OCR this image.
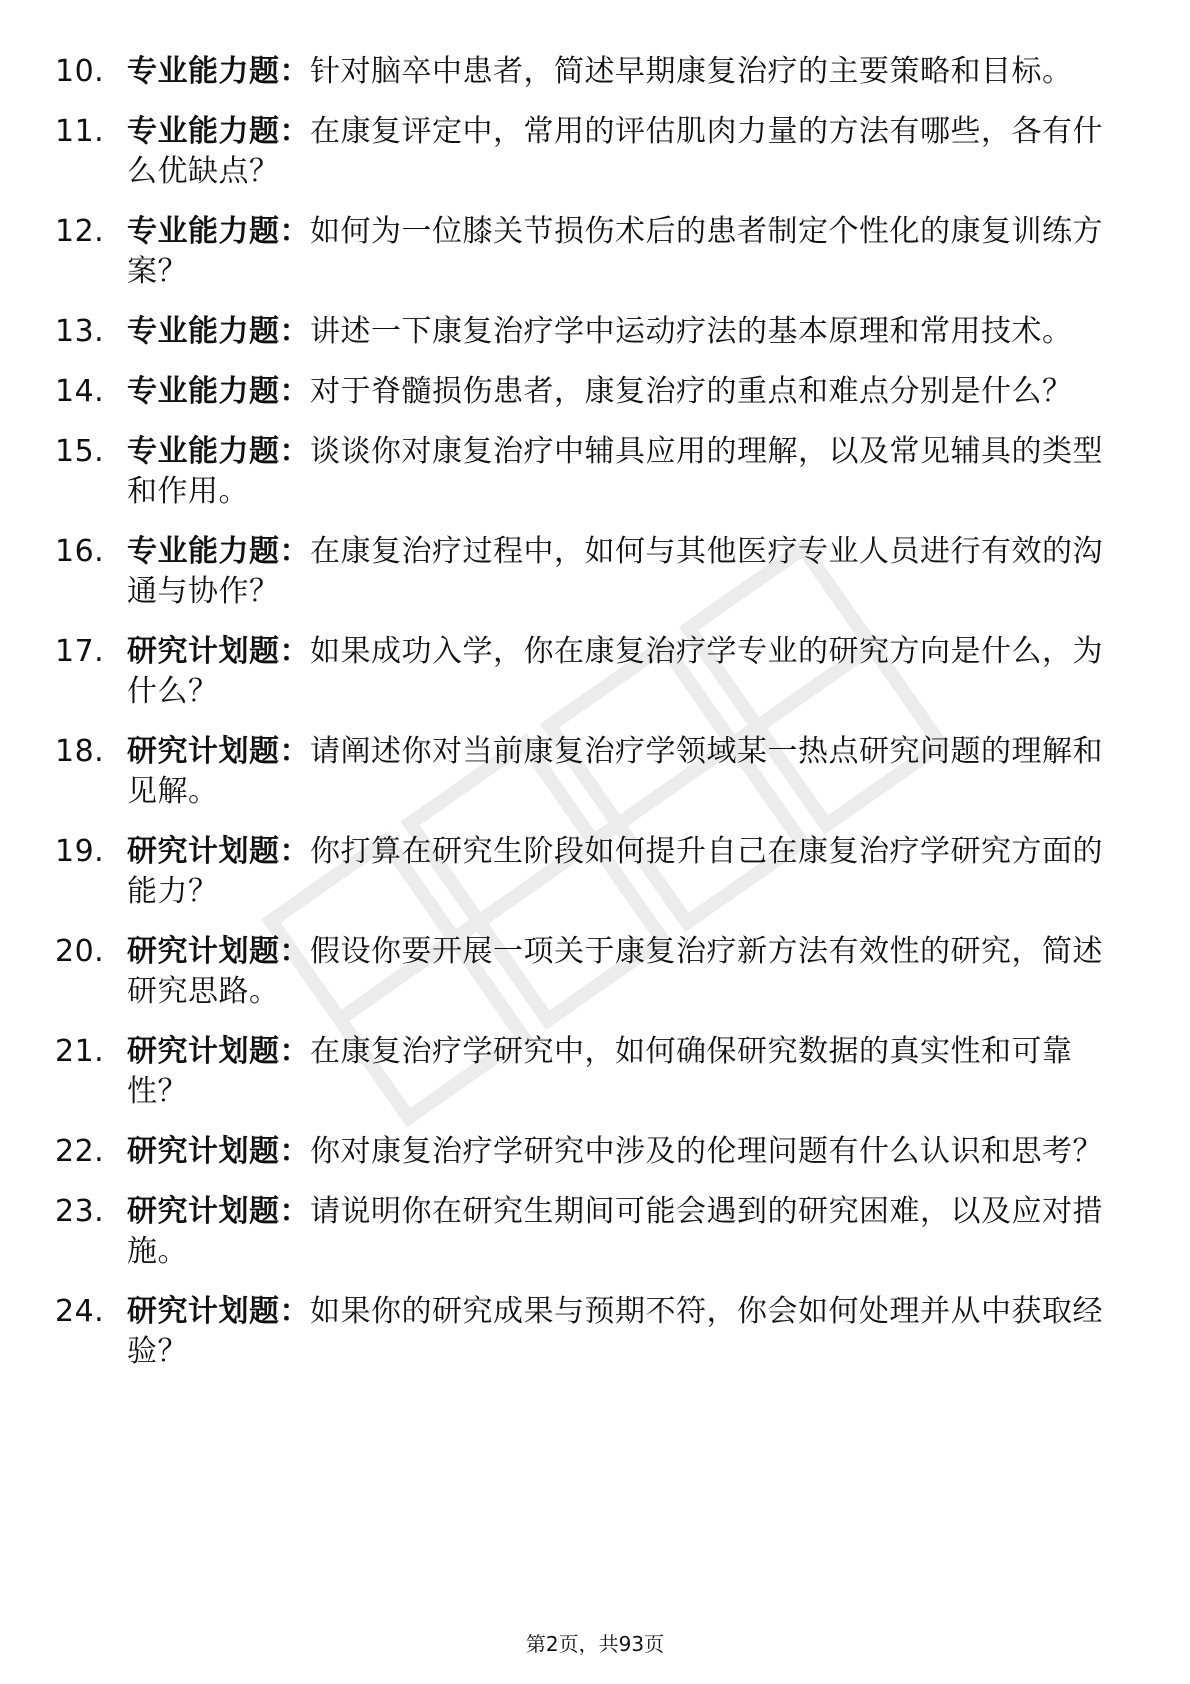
10. 专业能力题：针对脑卒中患者，简述早期康复治疗的主要策略和目标。
11. 专业能力题：在康复评定中，常用的评估肌肉力量的方法有哪些，各有什么优缺点？
12. 专业能力题：如何为一位膝关节损伤术后的患者制定个性化的康复训练方案？
13. 专业能力题：讲述一下康复治疗学中运动疗法的基本原理和常用技术。
14. 专业能力题：对于脊髓损伤患者，康复治疗的重点和难点分别是什么？
15. 专业能力题：谈谈你对康复治疗中辅具应用的理解，以及常见辅具的类型和作用。
16. 专业能力题：在康复治疗过程中，如何与其他医疗专业人员进行有效的沟通与协作？
17. 研究计划题：如果成功入学，你在康复治疗学专业的研究方向是什么，为什么？
18. 研究计划题：请阐述你对当前康复治疗学领域某一热点研究问题的理解和见解。
19. 研究计划题：你打算在研究生阶段如何提升自己在康复治疗学研究方面的能力？
20. 研究计划题：假设你要开展一项关于康复治疗新方法有效性的研究，简述研究思路。
21. 研究计划题：在康复治疗学研究中，如何确保研究数据的真实性和可靠性？
22. 研究计划题：你对康复治疗学研究中涉及的伦理问题有什么认识和思考？
23. 研究计划题：请说明你在研究生期间可能会遇到的研究困难，以及应对措施。
24. 研究计划题：如果你的研究成果与预期不符，你会如何处理并从中获取经验？
第2页，共93页
